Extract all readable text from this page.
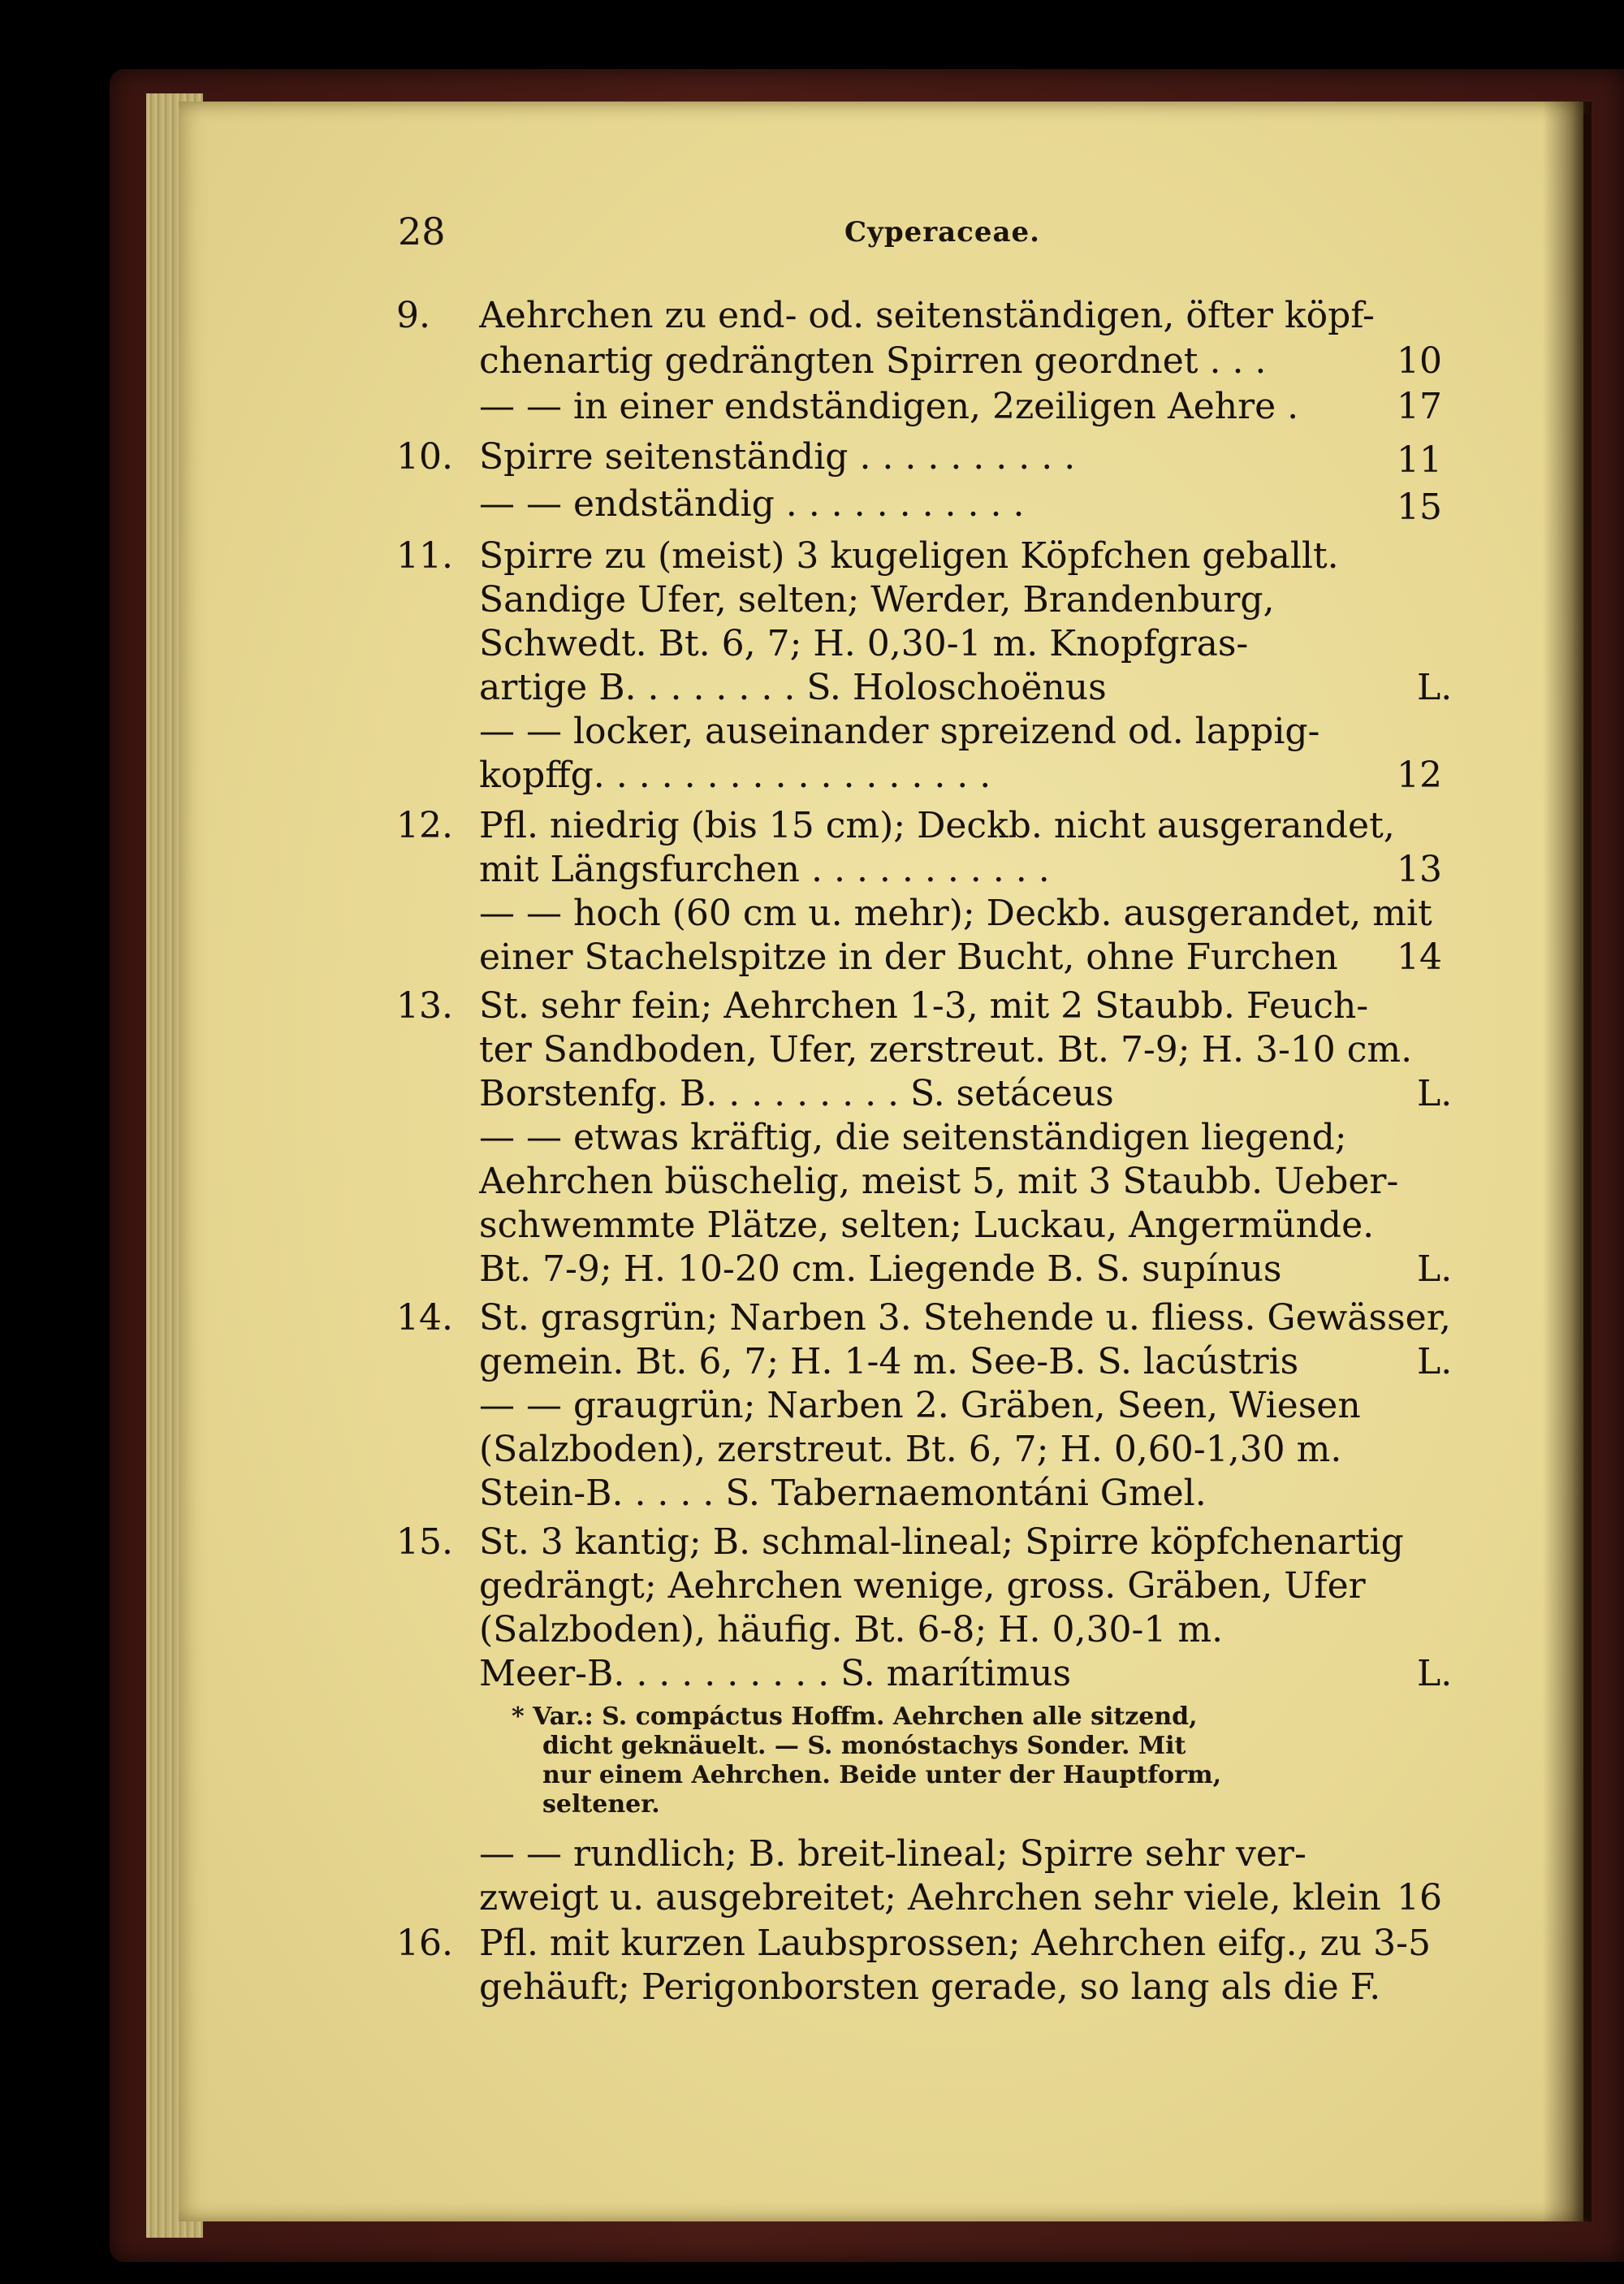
28	Cyperaceae.
9. Aehrchen zu end- od. seitenständigen, öfter köpf-
chenartig gedrängten Spirren geordnet . . .	10
— — in einer endständigen, 2zeiligen Aehre .	17
10. Spirre seitenständig . . . . . . . . . .	11
— — endständig . . . . . . . . . . .	15
11. Spirre zu (meist) 3 kugeligen Köpfchen geballt.
Sandige Ufer, selten; Werder, Brandenburg,
Schwedt. Bt. 6, 7; H. 0,30-1 m. Knopfgras-
artige B. . . . . . . . S. Holoschoënus	L.
— — locker, auseinander spreizend od. lappig-
kopffg. . . . . . . . . . . . . . . . . .	12
12. Pfl. niedrig (bis 15 cm); Deckb. nicht ausgerandet,
mit Längsfurchen . . . . . . . . . . .	13
— — hoch (60 cm u. mehr); Deckb. ausgerandet, mit
einer Stachelspitze in der Bucht, ohne Furchen	14
13. St. sehr fein; Aehrchen 1-3, mit 2 Staubb. Feuch-
ter Sandboden, Ufer, zerstreut. Bt. 7-9; H. 3-10 cm.
Borstenfg. B. . . . . . . . . S. setáceus	L.
— — etwas kräftig, die seitenständigen liegend;
Aehrchen büschelig, meist 5, mit 3 Staubb. Ueber-
schwemmte Plätze, selten; Luckau, Angermünde.
Bt. 7-9; H. 10-20 cm. Liegende B. S. supínus	L.
14. St. grasgrün; Narben 3. Stehende u. fliess. Gewässer,
gemein. Bt. 6, 7; H. 1-4 m. See-B. S. lacústris	L.
— — graugrün; Narben 2. Gräben, Seen, Wiesen
(Salzboden), zerstreut. Bt. 6, 7; H. 0,60-1,30 m.
Stein-B. . . . . S. Tabernaemontáni Gmel.
15. St. 3 kantig; B. schmal-lineal; Spirre köpfchenartig
gedrängt; Aehrchen wenige, gross. Gräben, Ufer
(Salzboden), häufig. Bt. 6-8; H. 0,30-1 m.
Meer-B. . . . . . . . . . S. marítimus	L.
* Var.: S. compáctus Hoffm. Aehrchen alle sitzend,
dicht geknäuelt. — S. monóstachys Sonder. Mit
nur einem Aehrchen. Beide unter der Hauptform,
seltener.
— — rundlich; B. breit-lineal; Spirre sehr ver-
zweigt u. ausgebreitet; Aehrchen sehr viele, klein 16
16. Pfl. mit kurzen Laubsprossen; Aehrchen eifg., zu 3-5
gehäuft; Perigonborsten gerade, so lang als die F.
